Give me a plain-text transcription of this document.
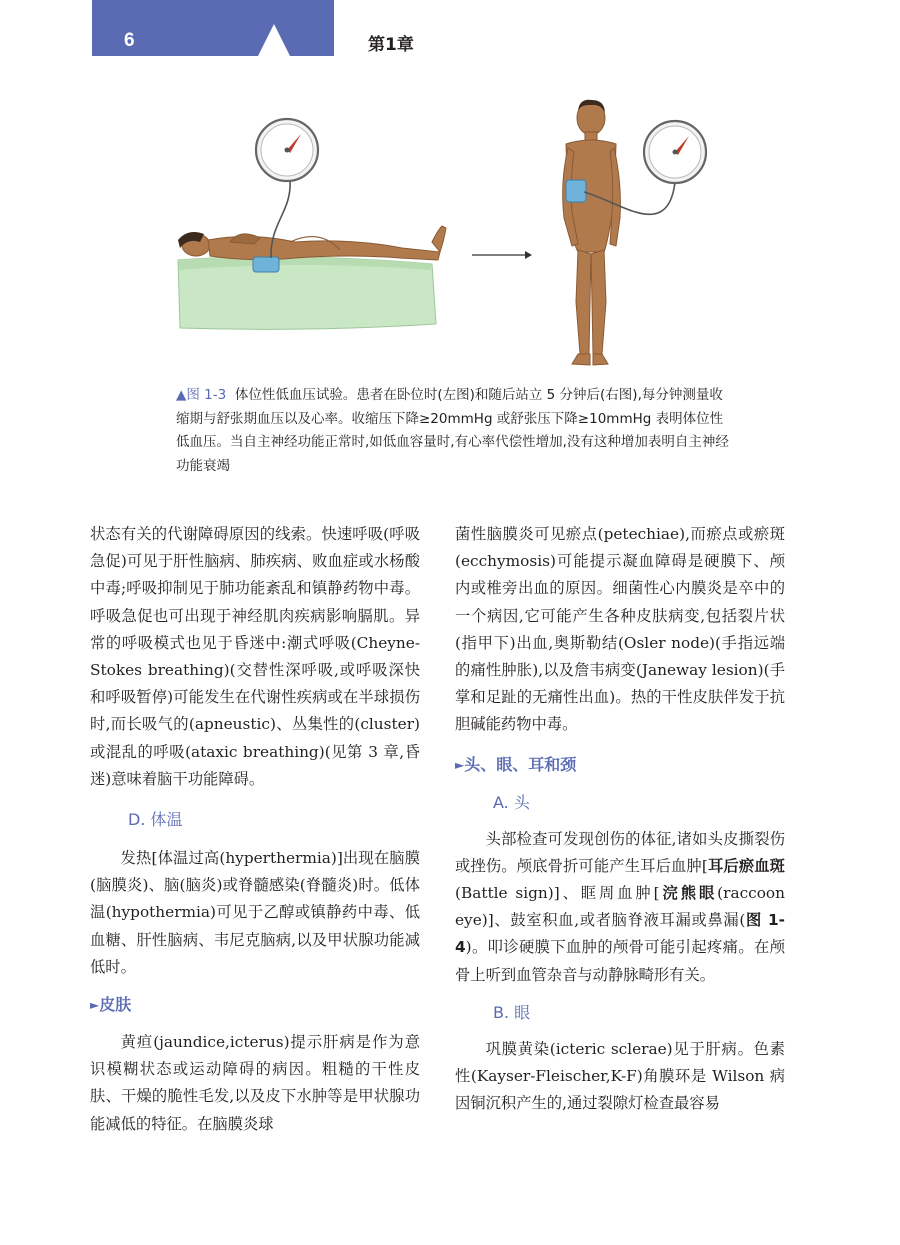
6	第1章
▲图 1-3 体位性低血压试验。患者在卧位时(左图)和随后站立 5 分钟后(右图),每分钟测量收缩期与舒张期血压以及心率。收缩压下降≥20mmHg 或舒张压下降≥10mmHg 表明体位性低血压。当自主神经功能正常时,如低血容量时,有心率代偿性增加,没有这种增加表明自主神经功能衰竭

状态有关的代谢障碍原因的线索。快速呼吸(呼吸急促)可见于肝性脑病、肺疾病、败血症或水杨酸中毒;呼吸抑制见于肺功能紊乱和镇静药物中毒。呼吸急促也可出现于神经肌肉疾病影响膈肌。异常的呼吸模式也见于昏迷中:潮式呼吸(Cheyne-Stokes breathing)(交替性深呼吸,或呼吸深快和呼吸暂停)可能发生在代谢性疾病或在半球损伤时,而长吸气的(apneustic)、丛集性的(cluster)或混乱的呼吸(ataxic breathing)(见第 3 章,昏迷)意味着脑干功能障碍。

D. 体温

发热[体温过高(hyperthermia)]出现在脑膜(脑膜炎)、脑(脑炎)或脊髓感染(脊髓炎)时。低体温(hypothermia)可见于乙醇或镇静药中毒、低血糖、肝性脑病、韦尼克脑病,以及甲状腺功能减低时。

►皮肤

黄疸(jaundice,icterus)提示肝病是作为意识模糊状态或运动障碍的病因。粗糙的干性皮肤、干燥的脆性毛发,以及皮下水肿等是甲状腺功能减低的特征。在脑膜炎球

菌性脑膜炎可见瘀点(petechiae),而瘀点或瘀斑(ecchymosis)可能提示凝血障碍是硬膜下、颅内或椎旁出血的原因。细菌性心内膜炎是卒中的一个病因,它可能产生各种皮肤病变,包括裂片状(指甲下)出血,奥斯勒结(Osler node)(手指远端的痛性肿胀),以及詹韦病变(Janeway lesion)(手掌和足趾的无痛性出血)。热的干性皮肤伴发于抗胆碱能药物中毒。

►头、眼、耳和颈
A. 头

头部检查可发现创伤的体征,诸如头皮撕裂伤或挫伤。颅底骨折可能产生耳后血肿[耳后瘀血斑(Battle sign)]、眶周血肿[浣熊眼(raccoon eye)]、鼓室积血,或者脑脊液耳漏或鼻漏(图 1-4)。叩诊硬膜下血肿的颅骨可能引起疼痛。在颅骨上听到血管杂音与动静脉畸形有关。

B. 眼

巩膜黄染(icteric sclerae)见于肝病。色素性(Kayser-Fleischer,K-F)角膜环是 Wilson 病因铜沉积产生的,通过裂隙灯检查最容易
